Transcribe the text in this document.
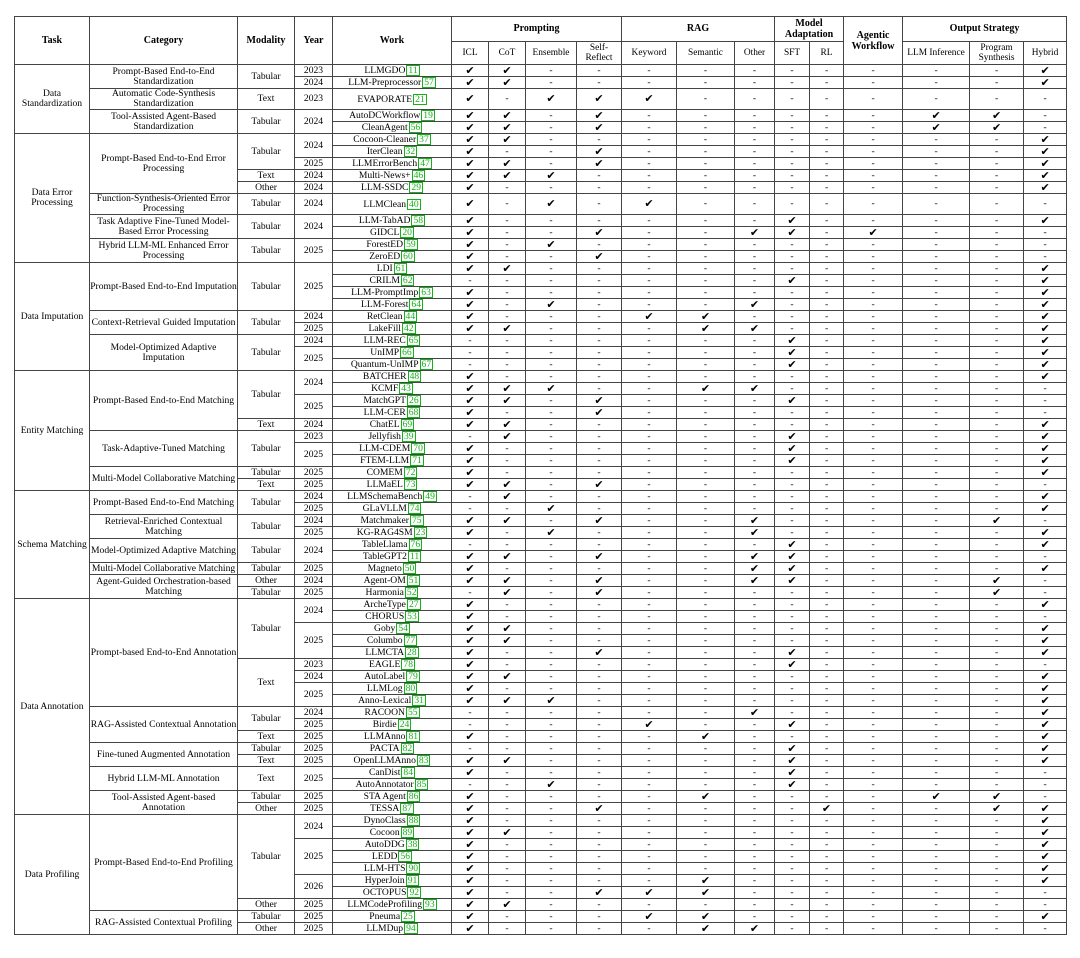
Task	Category	Modality	Year	Work	Prompting				RAG			Model Adaptation		Agentic Workflow	Output Strategy			
					ICL	CoT	Ensemble	Self-Reflect	Keyword	Semantic	Other	SFT	RL		LLM Inference	Program Synthesis	Hybrid	
Data Standardization	Prompt-Based End-to-End Standardization	Tabular	2023	LLMGDO 11	✔	✔	-	-	-	-	-	-	-	-	-	-	✔		
			2024	LLM-Preprocessor 57	✔	✔	-	-	-	-	-	-	-	-	-	-	✔		
	Automatic Code-Synthesis Standardization	Text	2023	EVAPORATE 21	✔	-	✔	✔	✔	-	-	-	-	-	-	-	-		
	Tool-Assisted Agent-Based Standardization	Tabular	2024	AutoDCWorkflow 19	✔	✔	-	✔	-	-	-	-	-	-	✔	✔	-		
				CleanAgent 56	✔	✔	-	✔	-	-	-	-	-	-	✔	✔	-		
Data Error Processing	Prompt-Based End-to-End Error Processing	Tabular	2024	Cocoon-Cleaner 37	✔	✔	-	-	-	-	-	-	-	-	-	-	✔		
				IterClean 32	✔	-	-	✔	-	-	-	-	-	-	-	-	✔		
			2025	LLMErrorBench 47	✔	✔	-	✔	-	-	-	-	-	-	-	-	✔		
		Text	2024	Multi-News+ 46	✔	✔	✔	-	-	-	-	-	-	-	-	-	✔		
		Other	2024	LLM-SSDC 29	✔	-	-	-	-	-	-	-	-	-	-	-	✔		
	Function-Synthesis-Oriented Error Processing	Tabular	2024	LLMClean 40	✔	-	✔	-	✔	-	-	-	-	-	-	-	-		
	Task Adaptive Fine-Tuned Model-Based Error Processing	Tabular	2024	LLM-TabAD 58	✔	-	-	-	-	-	-	✔	-	-	-	-	✔		
				GIDCL 20	✔	-	-	✔	-	-	✔	✔	-	✔	-	-	-		
	Hybrid LLM-ML Enhanced Error Processing	Tabular	2025	ForestED 59	✔	-	✔	-	-	-	-	-	-	-	-	-	-		
				ZeroED 60	✔	-	-	✔	-	-	-	-	-	-	-	-	-		
Data Imputation	Prompt-Based End-to-End Imputation	Tabular	2025	LDI 61	✔	✔	-	-	-	-	-	-	-	-	-	-	✔		
				CRILM 62	-	-	-	-	-	-	-	✔	-	-	-	-	✔		
				LLM-PromptImp 63	✔	-	-	-	-	-	-	-	-	-	-	-	✔		
				LLM-Forest 64	✔	-	✔	-	-	-	✔	-	-	-	-	-	✔		
	Context-Retrieval Guided Imputation	Tabular	2024	RetClean 44	✔	-	-	-	✔	✔	-	-	-	-	-	-	✔		
			2025	LakeFill 42	✔	✔	-	-	-	✔	✔	-	-	-	-	-	✔		
	Model-Optimized Adaptive Imputation	Tabular	2024	LLM-REC 65	-	-	-	-	-	-	-	✔	-	-	-	-	✔		
			2025	UnIMP 66	-	-	-	-	-	-	-	✔	-	-	-	-	✔		
				Quantum-UnIMP 67	-	-	-	-	-	-	-	✔	-	-	-	-	✔		
Entity Matching	Prompt-Based End-to-End Matching	Tabular	2024	BATCHER 48	✔	-	-	-	-	-	-	-	-	-	-	-	✔		
				KCMF 43	✔	✔	✔	-	-	✔	✔	-	-	-	-	-	-		
			2025	MatchGPT 26	✔	✔	-	✔	-	-	-	✔	-	-	-	-	-		
				LLM-CER 68	✔	-	-	✔	-	-	-	-	-	-	-	-	-		
		Text	2024	ChatEL 69	✔	✔	-	-	-	-	-	-	-	-	-	-	✔		
	Task-Adaptive-Tuned Matching	Tabular	2023	Jellyfish 39	-	✔	-	-	-	-	-	✔	-	-	-	-	✔		
			2025	LLM-CDEM 70	✔	-	-	-	-	-	-	✔	-	-	-	-	✔		
				FTEM-LLM 71	✔	-	-	-	-	-	-	✔	-	-	-	-	✔		
	Multi-Model Collaborative Matching	Tabular	2025	COMEM 72	✔	-	-	-	-	-	-	-	-	-	-	-	✔		
		Text	2025	LLMaEL 73	✔	✔	-	✔	-	-	-	-	-	-	-	-	-		
Schema Matching	Prompt-Based End-to-End Matching	Tabular	2024	LLMSchemaBench 49	-	✔	-	-	-	-	-	-	-	-	-	-	✔		
			2025	GLaVLLM 74	-	-	✔	-	-	-	-	-	-	-	-	-	✔		
	Retrieval-Enriched Contextual Matching	Tabular	2024	Matchmaker 75	✔	✔	-	✔	-	-	✔	-	-	-	-	✔	-		
			2025	KG-RAG4SM 23	✔	-	✔	-	-	-	✔	-	-	-	-	-	✔		
	Model-Optimized Adaptive Matching	Tabular	2024	TableLlama 76	-	-	-	-	-	-	-	✔	-	-	-	-	✔		
				TableGPT2 11	✔	✔	-	✔	-	-	✔	✔	-	-	-	-	-		
	Multi-Model Collaborative Matching	Tabular	2025	Magneto 50	✔	-	-	-	-	-	✔	✔	-	-	-	-	✔		
	Agent-Guided Orchestration-based Matching	Other	2024	Agent-OM 51	✔	✔	-	✔	-	-	✔	✔	-	-	-	✔	-		
		Tabular	2025	Harmonia 52	-	✔	-	✔	-	-	-	-	-	-	-	✔	-		
Data Annotation	Prompt-based End-to-End Annotation	Tabular	2024	ArcheType 27	✔	-	-	-	-	-	-	-	-	-	-	-	✔		
				CHORUS 53	✔	-	-	-	-	-	-	-	-	-	-	-	-		
			2025	Goby 54	✔	✔	-	-	-	-	-	-	-	-	-	-	✔		
				Columbo 77	✔	✔	-	-	-	-	-	-	-	-	-	-	✔		
				LLMCTA 28	✔	-	-	✔	-	-	-	✔	-	-	-	-	✔		
		Text	2023	EAGLE 78	✔	-	-	-	-	-	-	✔	-	-	-	-	-		
			2024	AutoLabel 79	✔	✔	-	-	-	-	-	-	-	-	-	-	✔		
			2025	LLMLog 80	✔	-	-	-	-	-	-	-	-	-	-	-	✔		
				Anno-Lexical 31	✔	✔	✔	-	-	-	-	-	-	-	-	-	✔		
	RAG-Assisted Contextual Annotation	Tabular	2024	RACOON 55	-	-	-	-	-	-	✔	-	-	-	-	-	✔		
			2025	Birdie 24	-	-	-	-	✔	-	-	✔	-	-	-	-	✔		
		Text	2025	LLMAnno 81	✔	-	-	-	-	✔	-	-	-	-	-	-	✔		
	Fine-tuned Augmented Annotation	Tabular	2025	PACTA 82	-	-	-	-	-	-	-	✔	-	-	-	-	✔		
		Text	2025	OpenLLMAnno 83	✔	✔	-	-	-	-	-	✔	-	-	-	-	✔		
	Hybrid LLM-ML Annotation	Text	2025	CanDist 84	✔	-	-	-	-	-	-	✔	-	-	-	-	-		
				AutoAnnotator 85	-	-	✔	-	-	-	-	✔	-	-	-	-	-		
	Tool-Assisted Agent-based Annotation	Tabular	2025	STA Agent 86	✔	-	-	-	-	✔	-	-	-	-	✔	✔	-		
		Other	2025	TESSA 87	✔	-	-	✔	-	-	-	-	✔	-	-	✔	✔		
Data Profiling	Prompt-Based End-to-End Profiling	Tabular	2024	DynoClass 88	✔	-	-	-	-	-	-	-	-	-	-	-	✔		
				Cocoon 89	✔	✔	-	-	-	-	-	-	-	-	-	-	✔		
			2025	AutoDDG 38	✔	-	-	-	-	-	-	-	-	-	-	-	✔		
				LEDD 56	✔	-	-	-	-	-	-	-	-	-	-	-	✔		
				LLM-HTS 90	✔	-	-	-	-	-	-	-	-	-	-	-	✔		
			2026	HyperJoin 91	✔	-	-	-	-	✔	-	-	-	-	-	-	✔		
				OCTOPUS 92	✔	-	-	✔	✔	✔	-	-	-	-	-	-	-		
		Other	2025	LLMCodeProfiling 93	✔	✔	-	-	-	-	-	-	-	-	-	-	-		
	RAG-Assisted Contextual Profiling	Tabular	2025	Pneuma 25	✔	-	-	-	✔	✔	-	-	-	-	-	-	✔		
		Other	2025	LLMDup 94	✔	-	-	-	-	✔	✔	-	-	-	-	-	-		
